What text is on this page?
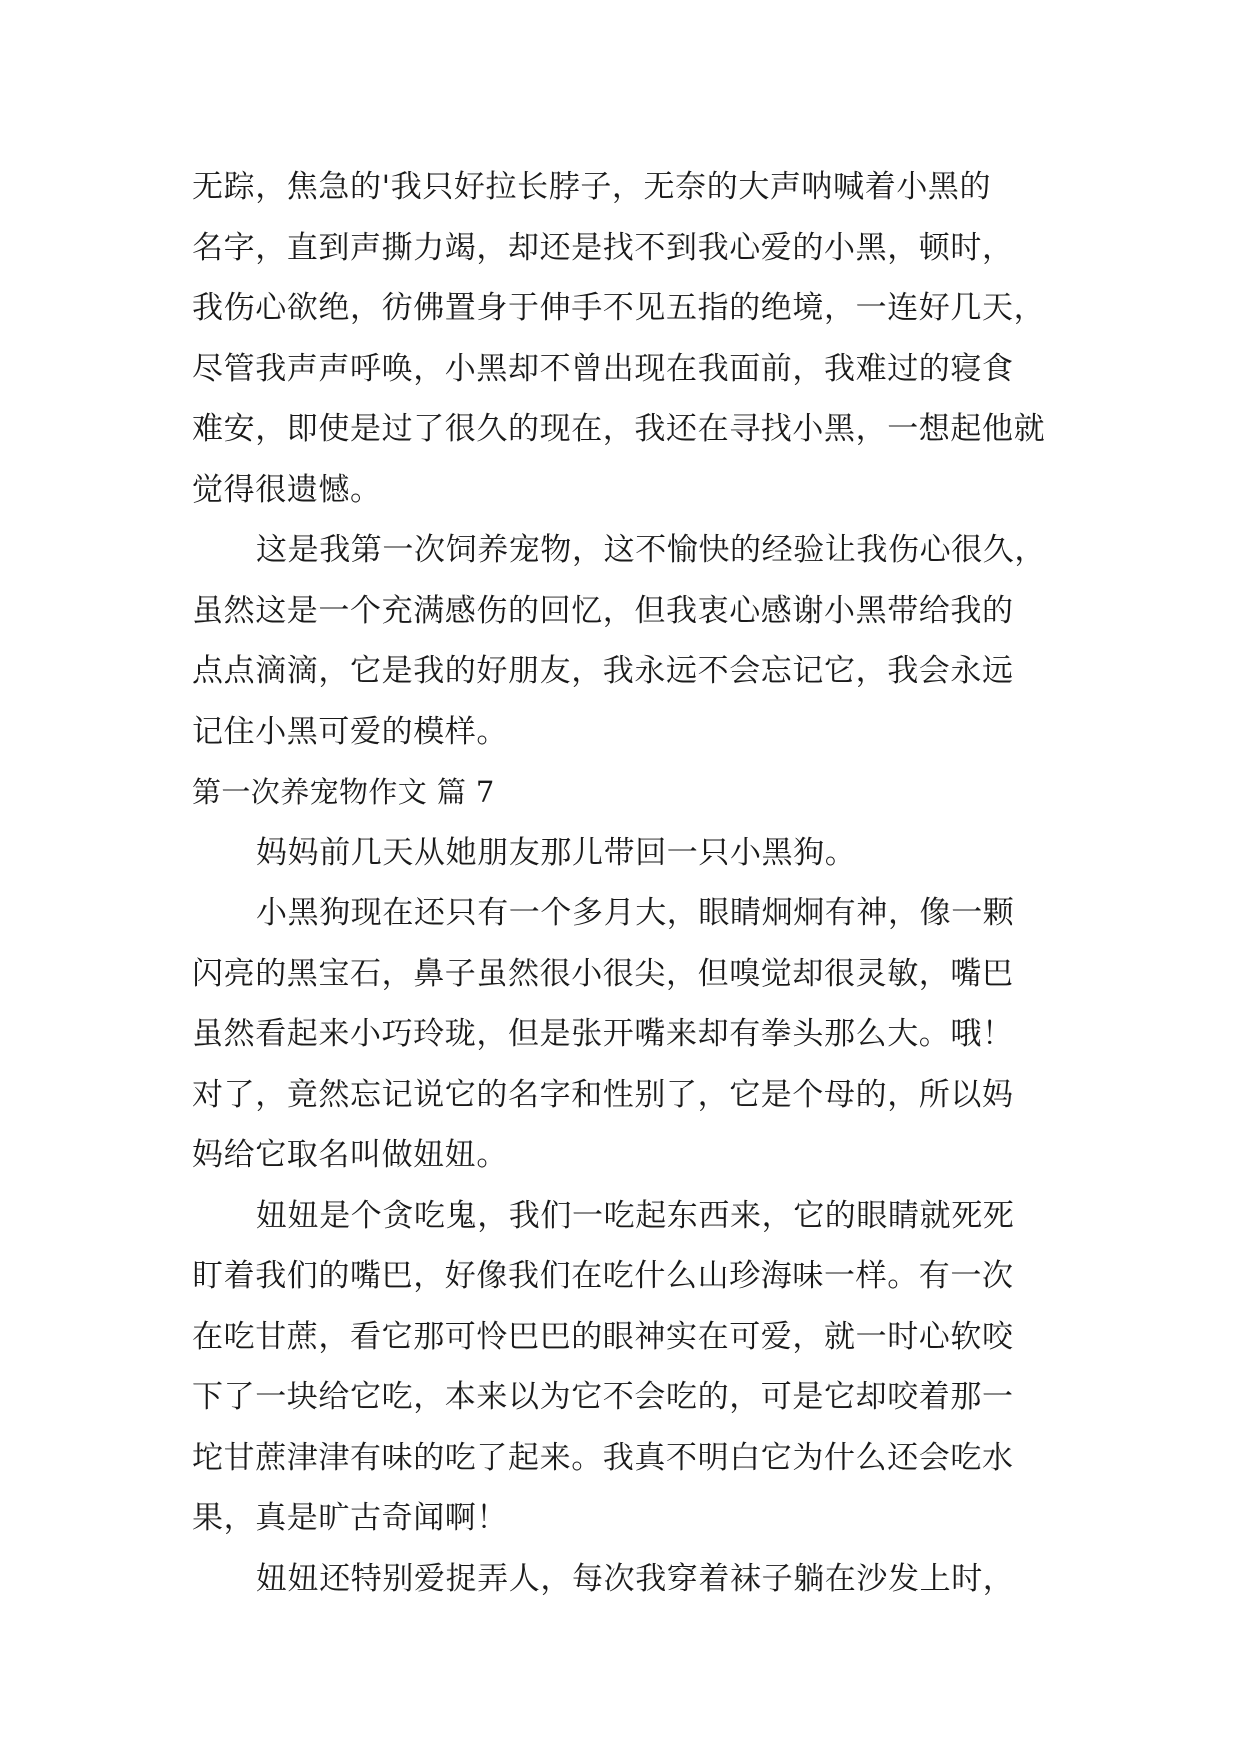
无踪，焦急的'我只好拉长脖子，无奈的大声呐喊着小黑的
名字，直到声撕力竭，却还是找不到我心爱的小黑，顿时，
我伤心欲绝，彷佛置身于伸手不见五指的绝境，一连好几天，
尽管我声声呼唤，小黑却不曾出现在我面前，我难过的寝食
难安，即使是过了很久的现在，我还在寻找小黑，一想起他就
觉得很遗憾。
这是我第一次饲养宠物，这不愉快的经验让我伤心很久，
虽然这是一个充满感伤的回忆，但我衷心感谢小黑带给我的
点点滴滴，它是我的好朋友，我永远不会忘记它，我会永远
记住小黑可爱的模样。
第一次养宠物作文 篇 7
妈妈前几天从她朋友那儿带回一只小黑狗。
小黑狗现在还只有一个多月大，眼睛炯炯有神，像一颗
闪亮的黑宝石，鼻子虽然很小很尖，但嗅觉却很灵敏，嘴巴
虽然看起来小巧玲珑，但是张开嘴来却有拳头那么大。哦！
对了，竟然忘记说它的名字和性别了，它是个母的，所以妈
妈给它取名叫做妞妞。
妞妞是个贪吃鬼，我们一吃起东西来，它的眼睛就死死
盯着我们的嘴巴，好像我们在吃什么山珍海味一样。有一次
在吃甘蔗，看它那可怜巴巴的眼神实在可爱，就一时心软咬
下了一块给它吃，本来以为它不会吃的，可是它却咬着那一
坨甘蔗津津有味的吃了起来。我真不明白它为什么还会吃水
果，真是旷古奇闻啊！
妞妞还特别爱捉弄人，每次我穿着袜子躺在沙发上时，
